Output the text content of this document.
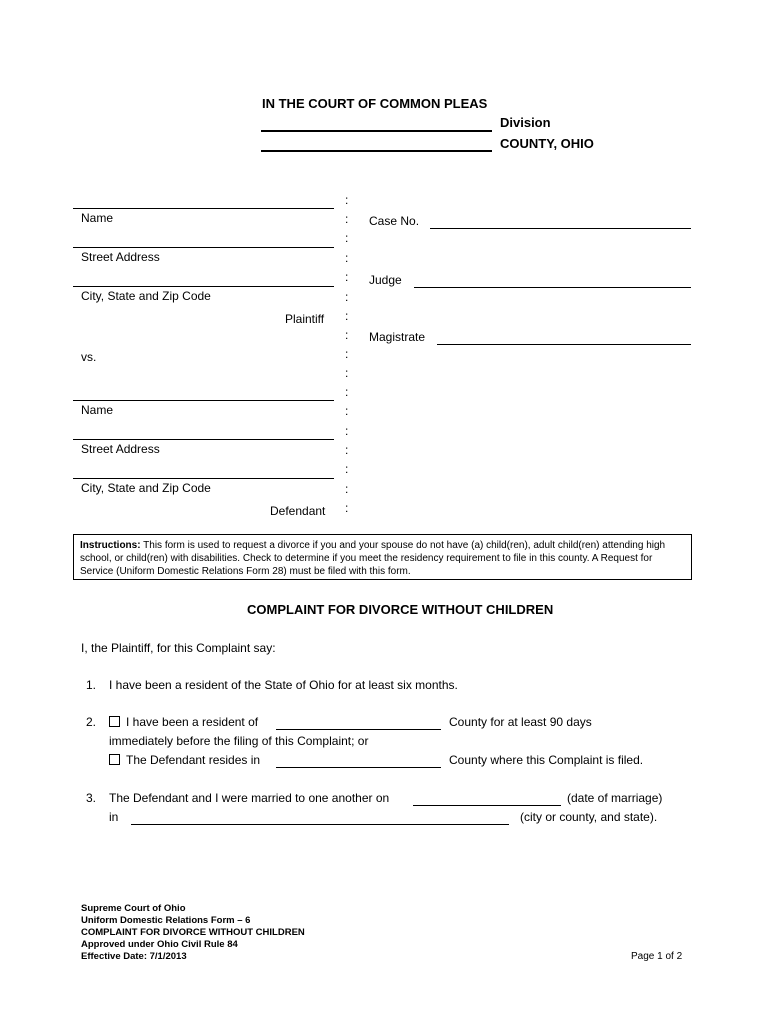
IN THE COURT OF COMMON PLEAS
Division
COUNTY, OHIO
Name
Street Address
City, State and Zip Code
Plaintiff
vs.
Name
Street Address
City, State and Zip Code
Defendant
:
:
:
:
:
:
:
:
:
:
:
:
:
:
:
:
:
Case No.
Judge
Magistrate
Instructions: This form is used to request a divorce if you and your spouse do not have (a) child(ren), adult child(ren) attending high school, or child(ren) with disabilities. Check to determine if you meet the residency requirement to file in this county. A Request for Service (Uniform Domestic Relations Form 28) must be filed with this form.
COMPLAINT FOR DIVORCE WITHOUT CHILDREN
I, the Plaintiff, for this Complaint say:
1. I have been a resident of the State of Ohio for at least six months.
2. I have been a resident of	County for at least 90 days
immediately before the filing of this Complaint; or
The Defendant resides in	County where this Complaint is filed.
3. The Defendant and I were married to one another on	(date of marriage)
in	(city or county, and state).
Supreme Court of Ohio
Uniform Domestic Relations Form – 6
COMPLAINT FOR DIVORCE WITHOUT CHILDREN
Approved under Ohio Civil Rule 84
Effective Date: 7/1/2013	Page 1 of 2
